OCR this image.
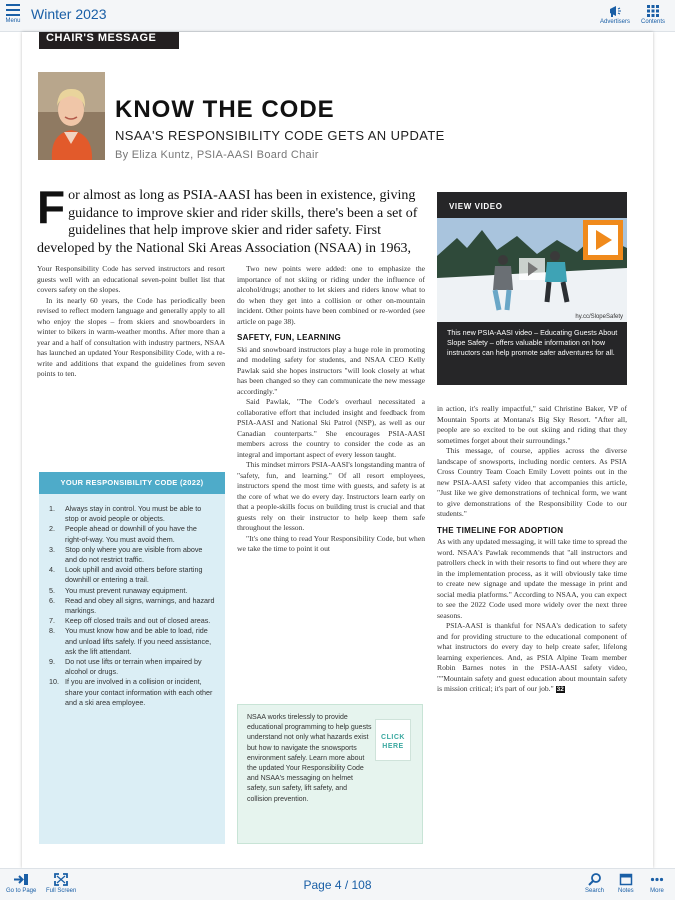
Menu Winter 2023	Advertisers Contents
CHAIR'S MESSAGE
KNOW THE CODE
NSAA'S RESPONSIBILITY CODE GETS AN UPDATE
By Eliza Kuntz, PSIA-AASI Board Chair
For almost as long as PSIA-AASI has been in existence, giving guidance to improve skier and rider skills, there's been a set of guidelines that help improve skier and rider safety. First developed by the National Ski Areas Association (NSAA) in 1963,

Your Responsibility Code has served instructors and resort guests well with an educational seven-point bullet list that covers safety on the slopes.

In its nearly 60 years, the Code has periodically been revised to reflect modern language and generally apply to all who enjoy the slopes – from skiers and snowboarders in winter to bikers in warm-weather months. After more than a year and a half of consultation with industry partners, NSAA has launched an updated Your Responsibility Code, with a re-write and additions that expand the guidelines from seven points to ten.

YOUR RESPONSIBILITY CODE (2022)
1.	Always stay in control. You must be able to stop or avoid people or objects.
2.	People ahead or downhill of you have the right-of-way. You must avoid them.
3.	Stop only where you are visible from above and do not restrict traffic.
4.	Look uphill and avoid others before starting downhill or entering a trail.
5.	You must prevent runaway equipment.
6.	Read and obey all signs, warnings, and hazard markings.
7.	Keep off closed trails and out of closed areas.
8.	You must know how and be able to load, ride and unload lifts safely. If you need assistance, ask the lift attendant.
9.	Do not use lifts or terrain when impaired by alcohol or drugs.
10. If you are involved in a collision or incident, share your contact information with each other and a ski area employee.

Two new points were added: one to emphasize the importance of not skiing or riding under the influence of alcohol/drugs; another to let skiers and riders know what to do when they get into a collision or other on-mountain incident. Other points have been combined or re-worded (see article on page 38).

SAFETY, FUN, LEARNING

Ski and snowboard instructors play a huge role in promoting and modeling safety for students, and NSAA CEO Kelly Pawlak said she hopes instructors "will look closely at what has been changed so they can communicate the new message accordingly."

Said Pawlak, "The Code's overhaul necessitated a collaborative effort that included insight and feedback from PSIA-AASI and National Ski Patrol (NSP), as well as our Canadian counterparts." She encourages PSIA-AASI members across the country to consider the code as an integral and important aspect of every lesson taught.

This mindset mirrors PSIA-AASI's longstanding mantra of "safety, fun, and learning." Of all resort employees, instructors spend the most time with guests, and safety is at the core of what we do every day. Instructors learn early on that a people-skills focus on building trust is crucial and that guests rely on their instructor to help keep them safe throughout the lesson.

"It's one thing to read Your Responsibility Code, but when we take the time to point it out

NSAA works tirelessly to provide educational programming to help guests understand not only what hazards exist but how to navigate the snowsports environment safely. Learn more about the updated Your Responsibility Code and NSAA's messaging on helmet safety, sun safety, lift safety, and collision prevention.
CLICK
HERE
VIEW VIDEO
hy.cc/SlopeSafety
This new PSIA-AASI video – Educating Guests About Slope Safety – offers valuable information on how instructors can help promote safer adventures for all.

in action, it's really impactful," said Christine Baker, VP of Mountain Sports at Montana's Big Sky Resort. "After all, people are so excited to be out skiing and riding that they sometimes forget about their surroundings."

This message, of course, applies across the diverse landscape of snowsports, including nordic centers. As PSIA Cross Country Team Coach Emily Lovett points out in the new PSIA-AASI safety video that accompanies this article, "Just like we give demonstrations of technical form, we want to give demonstrations of the Responsibility Code to our students."

THE TIMELINE FOR ADOPTION

As with any updated messaging, it will take time to spread the word. NSAA's Pawlak recommends that "all instructors and patrollers check in with their resorts to find out where they are in the implementation process, as it will obviously take time to create new signage and update the message in print and social media platforms." According to NSAA, you can expect to see the 2022 Code used more widely over the next three seasons.

PSIA-AASI is thankful for NSAA's dedication to safety and for providing structure to the educational component of what instructors do every day to help create safer, lifelong learning experiences. And, as PSIA Alpine Team member Robin Barnes notes in the PSIA-AASI safety video, ""Mountain safety and guest education about mountain safety is mission critical; it's part of our job." 32

Go to Page Full Screen	Page 4 / 108	Search Notes	More
